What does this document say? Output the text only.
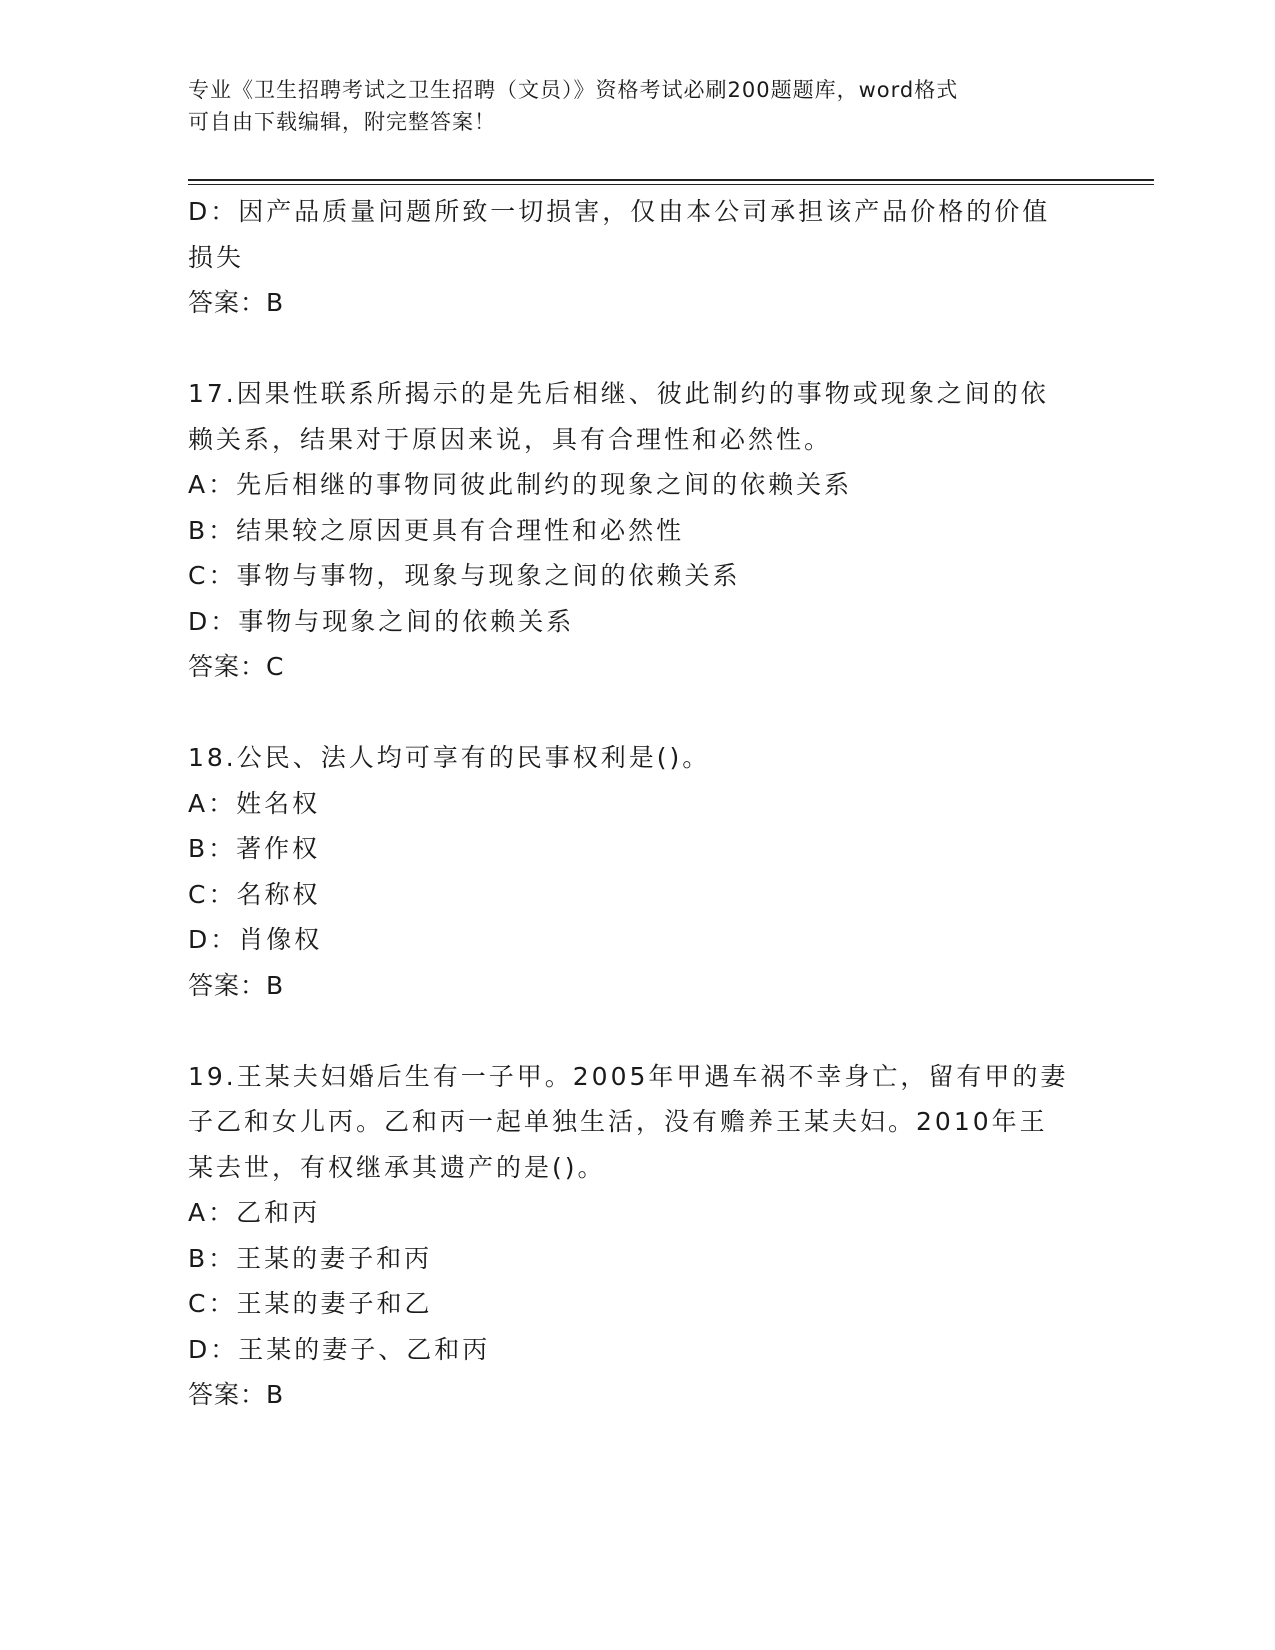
专业《卫生招聘考试之卫生招聘（文员）》资格考试必刷200题题库，word格式
可自由下载编辑，附完整答案！
D：因产品质量问题所致一切损害，仅由本公司承担该产品价格的价值
损失
答案：B
17.因果性联系所揭示的是先后相继、彼此制约的事物或现象之间的依
赖关系，结果对于原因来说，具有合理性和必然性。
A：先后相继的事物同彼此制约的现象之间的依赖关系
B：结果较之原因更具有合理性和必然性
C：事物与事物，现象与现象之间的依赖关系
D：事物与现象之间的依赖关系
答案：C
18.公民、法人均可享有的民事权利是()。
A：姓名权
B：著作权
C：名称权
D：肖像权
答案：B
19.王某夫妇婚后生有一子甲。2005年甲遇车祸不幸身亡，留有甲的妻
子乙和女儿丙。乙和丙一起单独生活，没有赡养王某夫妇。2010年王
某去世，有权继承其遗产的是()。
A：乙和丙
B：王某的妻子和丙
C：王某的妻子和乙
D：王某的妻子、乙和丙
答案：B
